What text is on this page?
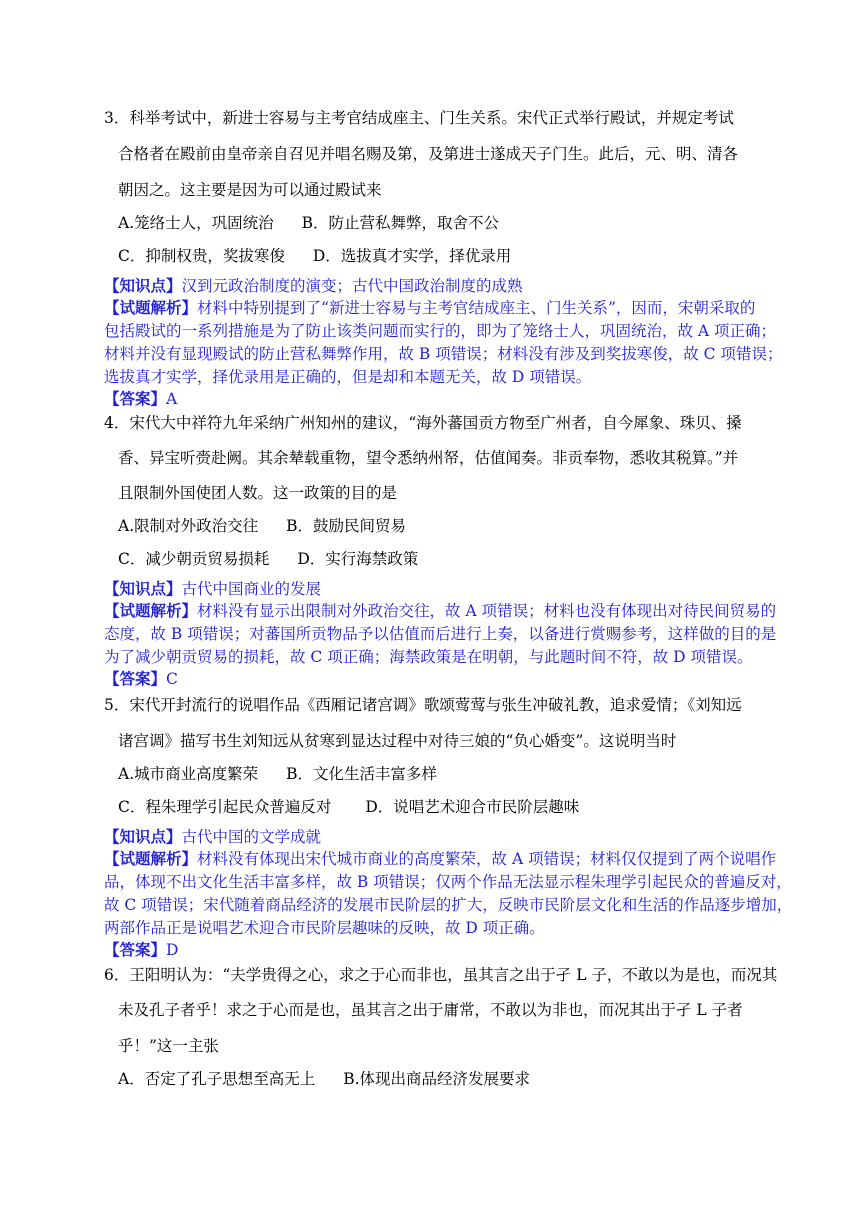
3．科举考试中，新进士容易与主考官结成座主、门生关系。宋代正式举行殿试，并规定考试
合格者在殿前由皇帝亲自召见并唱名赐及第，及第进士遂成天子门生。此后，元、明、清各
朝因之。这主要是因为可以通过殿试来
A.笼络士人，巩固统治 B．防止营私舞弊，取舍不公
C．抑制权贵，奖拔寒俊 D．选拔真才实学，择优录用
【知识点】汉到元政治制度的演变；古代中国政治制度的成熟
【试题解析】材料中特别提到了“新进士容易与主考官结成座主、门生关系”，因而，宋朝采取的
包括殿试的一系列措施是为了防止该类问题而实行的，即为了笼络士人，巩固统治，故 A 项正确；
材料并没有显现殿试的防止营私舞弊作用，故 B 项错误；材料没有涉及到奖拔寒俊，故 C 项错误；
选拔真才实学，择优录用是正确的，但是却和本题无关，故 D 项错误。
【答案】A
4．宋代大中祥符九年采纳广州知州的建议，“海外蕃国贡方物至广州者，自今犀象、珠贝、搡
香、异宝听赍赴阙。其余辇载重物，望令悉纳州帑，估值闻奏。非贡奉物，悉收其税算。”并
且限制外国使团人数。这一政策的目的是
A.限制对外政治交往 B．鼓励民间贸易
C．减少朝贡贸易损耗 D．实行海禁政策
【知识点】古代中国商业的发展
【试题解析】材料没有显示出限制对外政治交往，故 A 项错误；材料也没有体现出对待民间贸易的
态度，故 B 项错误；对蕃国所贡物品予以估值而后进行上奏，以备进行赏赐参考，这样做的目的是
为了减少朝贡贸易的损耗，故 C 项正确；海禁政策是在明朝，与此题时间不符，故 D 项错误。
【答案】C
5．宋代开封流行的说唱作品《西厢记诸宫调》歌颂莺莺与张生冲破礼教，追求爱情；《刘知远
诸宫调》描写书生刘知远从贫寒到显达过程中对待三娘的“负心婚变”。这说明当时
A.城市商业高度繁荣 B．文化生活丰富多样
C．程朱理学引起民众普遍反对 D．说唱艺术迎合市民阶层趣味
【知识点】古代中国的文学成就
【试题解析】材料没有体现出宋代城市商业的高度繁荣，故 A 项错误；材料仅仅提到了两个说唱作
品，体现不出文化生活丰富多样，故 B 项错误；仅两个作品无法显示程朱理学引起民众的普遍反对，
故 C 项错误；宋代随着商品经济的发展市民阶层的扩大，反映市民阶层文化和生活的作品逐步增加，
两部作品正是说唱艺术迎合市民阶层趣味的反映，故 D 项正确。
【答案】D
6．王阳明认为：“夫学贵得之心，求之于心而非也，虽其言之出于孑 L 子，不敢以为是也，而况其
未及孔子者乎！求之于心而是也，虽其言之出于庸常，不敢以为非也，而况其出于孑 L 子者
乎！”这一主张
A．否定了孔子思想至高无上 B.体现出商品经济发展要求
